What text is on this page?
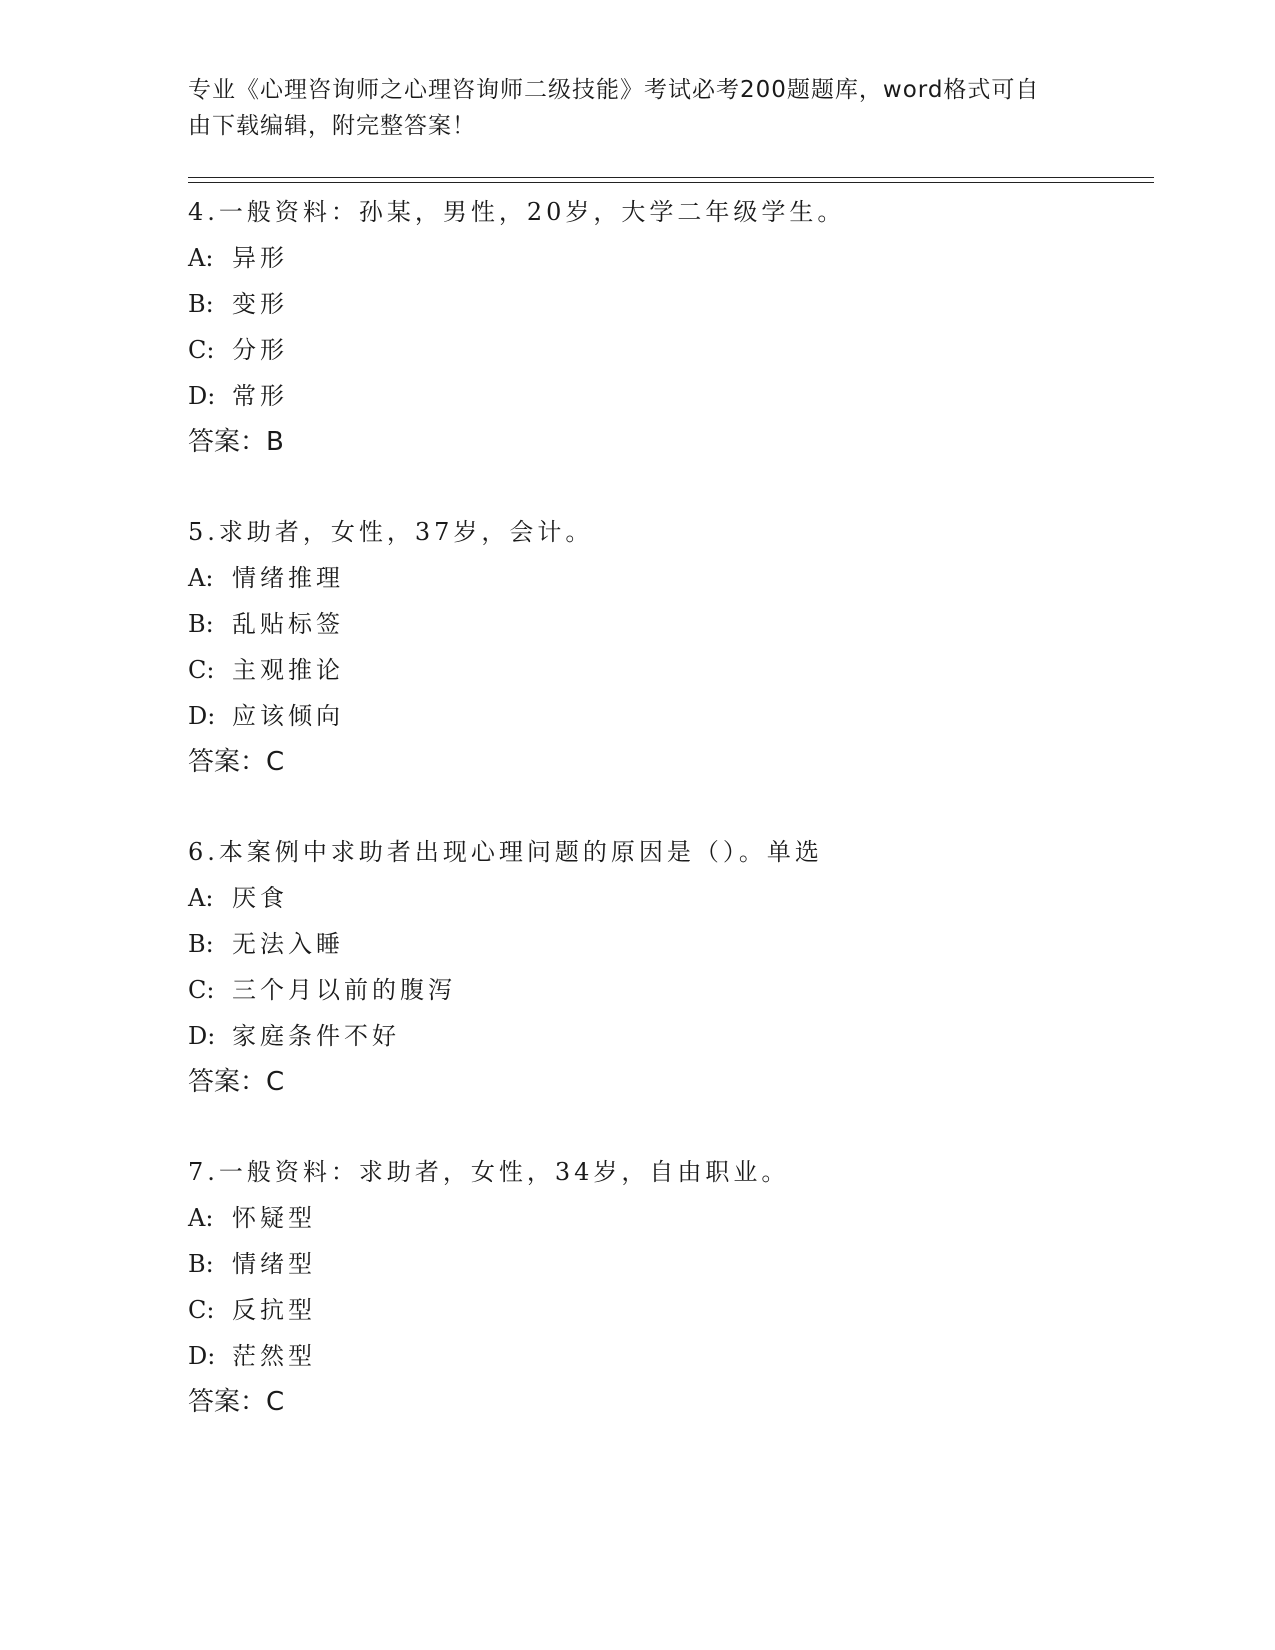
专业《心理咨询师之心理咨询师二级技能》考试必考200题题库，word格式可自
由下载编辑，附完整答案！
4.一般资料：孙某，男性，20岁，大学二年级学生。
A: 异形
B: 变形
C: 分形
D: 常形
答案：B
5.求助者，女性，37岁，会计。
A: 情绪推理
B: 乱贴标签
C: 主观推论
D: 应该倾向
答案：C
6.本案例中求助者出现心理问题的原因是（）。单选
A: 厌食
B: 无法入睡
C: 三个月以前的腹泻
D: 家庭条件不好
答案：C
7.一般资料：求助者，女性，34岁，自由职业。
A: 怀疑型
B: 情绪型
C: 反抗型
D: 茫然型
答案：C
